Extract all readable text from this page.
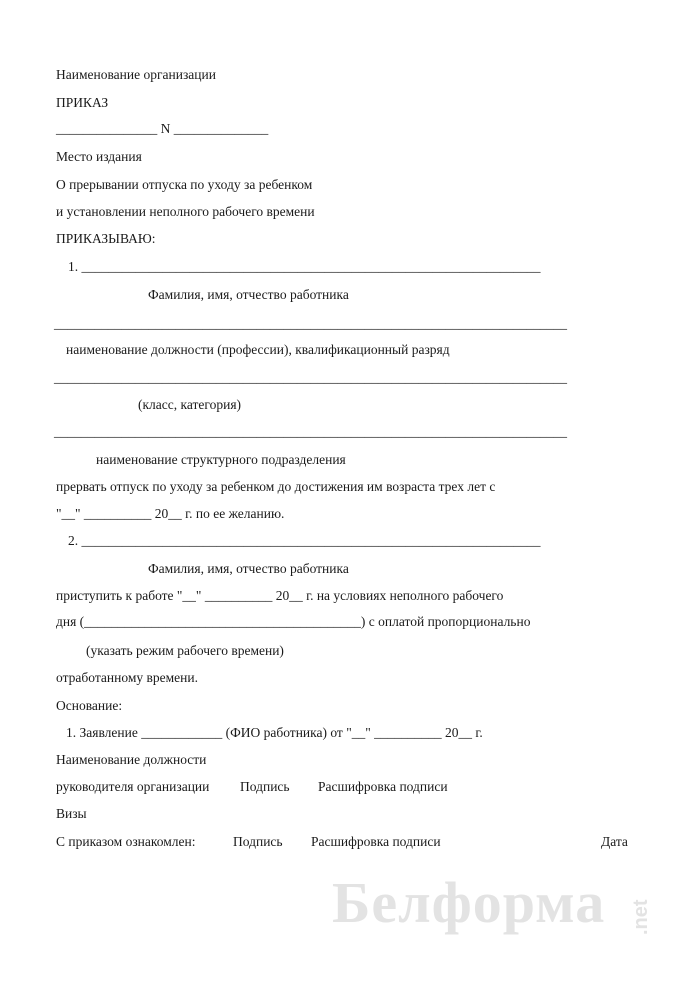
Наименование организации
ПРИКАЗ
_______________ N ______________
Место издания
О прерывании отпуска по уходу за ребенком
и установлении неполного рабочего времени
ПРИКАЗЫВАЮ:
1. ____________________________________________________________________
Фамилия, имя, отчество работника
____________________________________________________________________________
наименование должности (профессии), квалификационный разряд
____________________________________________________________________________
(класс, категория)
____________________________________________________________________________
наименование структурного подразделения
прервать отпуск по уходу за ребенком до достижения им возраста трех лет с
"__" __________ 20__ г. по ее желанию.
2. ____________________________________________________________________
Фамилия, имя, отчество работника
приступить к работе "__" __________ 20__ г. на условиях неполного рабочего
дня (_________________________________________) с оплатой пропорционально
(указать режим рабочего времени)
отработанному времени.
Основание:
1. Заявление ____________ (ФИО работника) от "__" __________ 20__ г.
Наименование должности
руководителя организации Подпись Расшифровка подписи
Визы
С приказом ознакомлен:	Подпись Расшифровка подписи	Дата
Белформа .net
